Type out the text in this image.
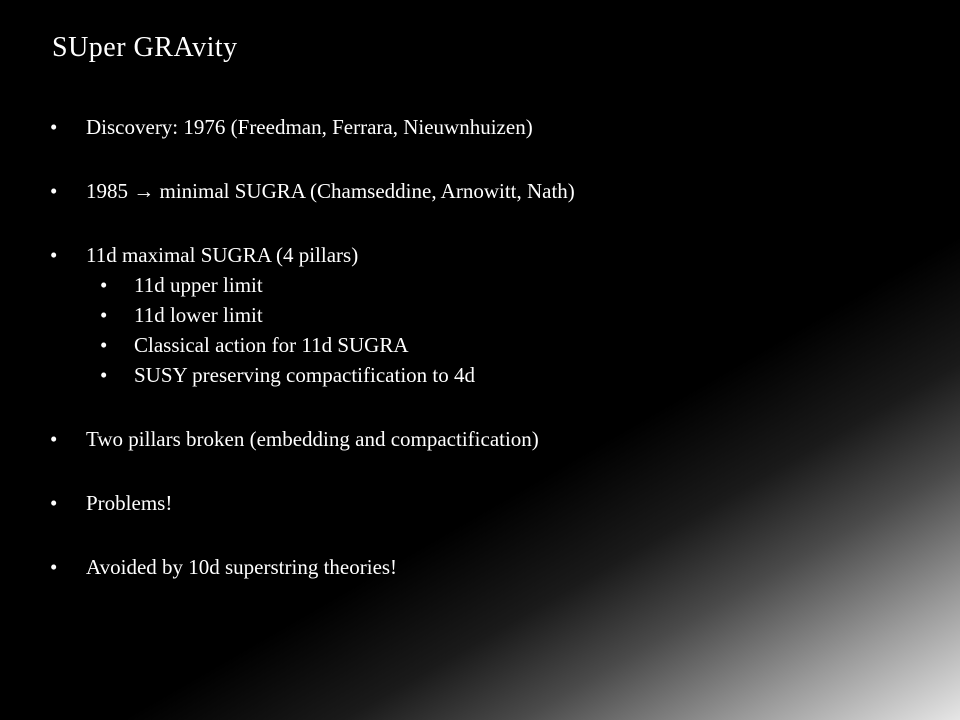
SUper GRAvity
• Discovery: 1976 (Freedman, Ferrara, Nieuwnhuizen)
• 1985 → minimal SUGRA (Chamseddine, Arnowitt, Nath)
• 11d maximal SUGRA (4 pillars)
• 11d upper limit
• 11d lower limit
• Classical action for 11d SUGRA
• SUSY preserving compactification to 4d
• Two pillars broken (embedding and compactification)
• Problems!
• Avoided by 10d superstring theories!
